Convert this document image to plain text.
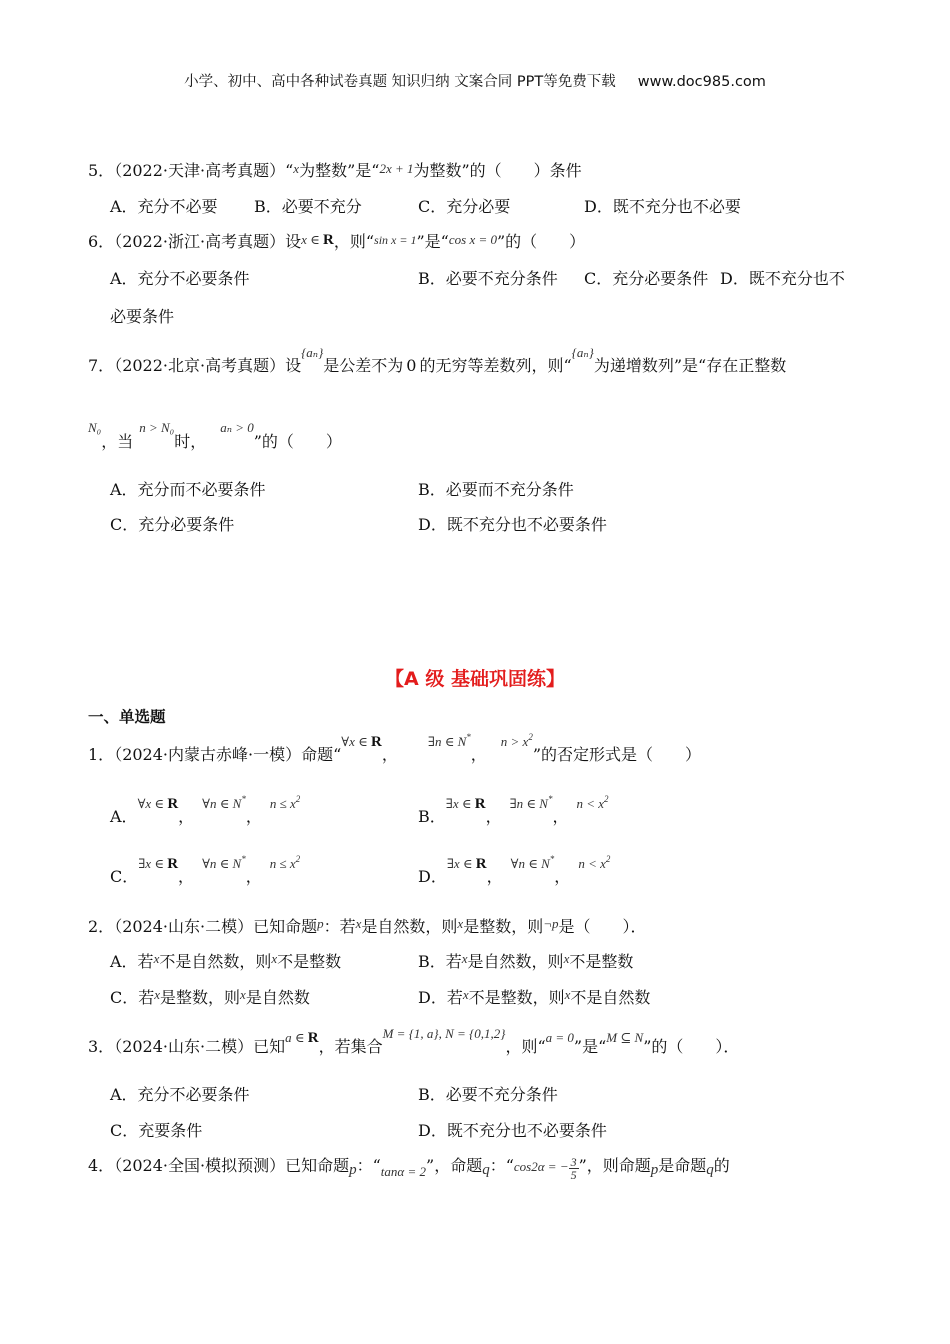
小学、初中、高中各种试卷真题 知识归纳 文案合同 PPT等免费下载 www.doc985.com
5．（2022·天津·高考真题）“x为整数”是“2x + 1为整数”的（　　）条件
A．充分不必要 B．必要不充分	C．充分必要	D．既不充分也不必要
6．（2022·浙江·高考真题）设x ∈ R，则“sin x = 1”是“cos x = 0”的（　　）
A．充分不必要条件	B．必要不充分条件 C．充分必要条件 D．既不充分也不
必要条件
7．（2022·北京·高考真题）设{aₙ}是公差不为 0 的无穷等差数列，则“{aₙ}为递增数列”是“存在正整数
N₀，当n > N₀时，aₙ > 0”的（　　）
A．充分而不必要条件	B．必要而不充分条件
C．充分必要条件	D．既不充分也不必要条件
【A 级 基础巩固练】
一、单选题
1．（2024·内蒙古赤峰·一模）命题“∀x ∈ R，∃n ∈ N*，$n > x^2$”的否定形式是（　　）
A．∀x ∈ R，∀n ∈ N*，$n \le x^2$
B．∃x ∈ R，∃n ∈ N*，$n < x^2$
C．∃x ∈ R，∀n ∈ N*，$n \le x^2$
D．∃x ∈ R，∀n ∈ N*，$n < x^2$
2．（2024·山东·二模）已知命题$^p$：若$^x$是自然数，则$^x$是整数，则$^{\neg p}$是（　　）．
A．若$^x$不是自然数，则$^x$不是整数	B．若$^x$是自然数，则$^x$不是整数
C．若$^x$是整数，则$^x$是自然数	D．若$^x$不是整数，则$^x$不是自然数
3．（2024·山东·二模）已知$_{a \in R}$，若集合M = {1, a}, N = {0,1,2}，则“$_{a = 0}$”是“$_{M ⊆ N}$”的（　　）．
A．充分不必要条件	B．必要不充分条件
C．充要条件	D．既不充分也不必要条件
4．（2024·全国·模拟预测）已知命题p：“$_{tan\alpha = 2}$”，命题q：“cos2α = − $\frac{3}{5}$ ”，则命题p是命题q的
